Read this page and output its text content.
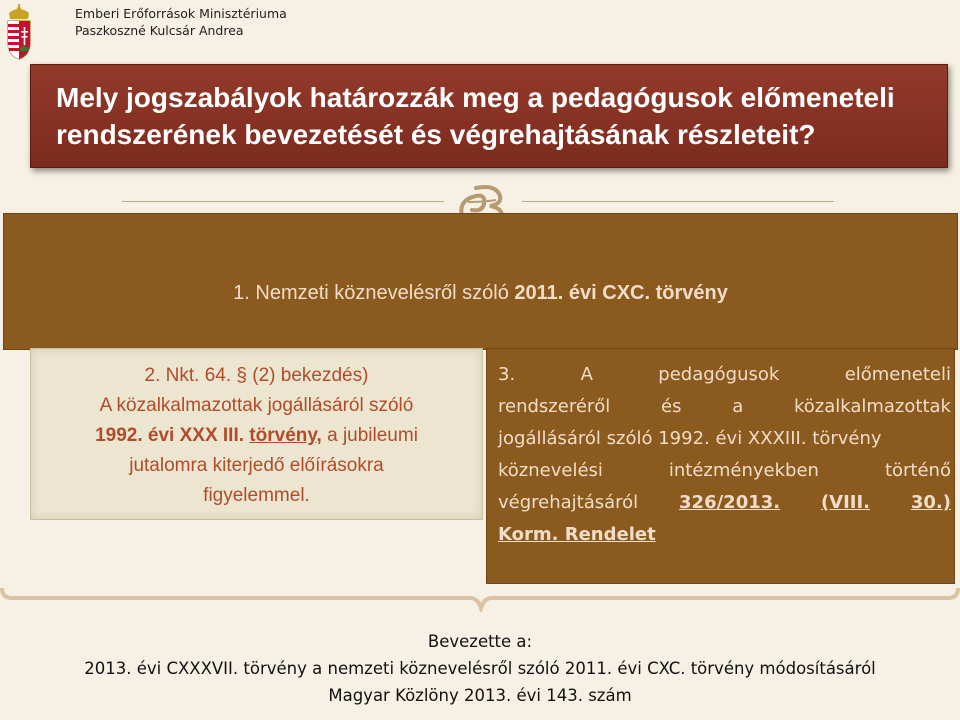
Emberi Erőforrások Minisztériuma
Paszkoszné Kulcsár Andrea
Mely jogszabályok határozzák meg a pedagógusok előmeneteli
rendszerének bevezetését és végrehajtásának részleteit?
1. Nemzeti köznevelésről szóló 2011. évi CXC. törvény
2. Nkt. 64. § (2) bekezdés)
A közalkalmazottak jogállásáról szóló
1992. évi XXX III. törvény, a jubileumi
jutalomra kiterjedő előírásokra
figyelemmel.
3.	A	pedagógusok	előmeneteli
rendszeréről	és	a	közalkalmazottak
jogállásáról szóló 1992. évi XXXIII. törvény
köznevelési	intézményekben	történő
végrehajtásáról 326/2013. (VIII. 30.)
Korm. Rendelet
Bevezette a:
2013. évi CXXXVII. törvény a nemzeti köznevelésről szóló 2011. évi CXC. törvény módosításáról
Magyar Közlöny 2013. évi 143. szám
